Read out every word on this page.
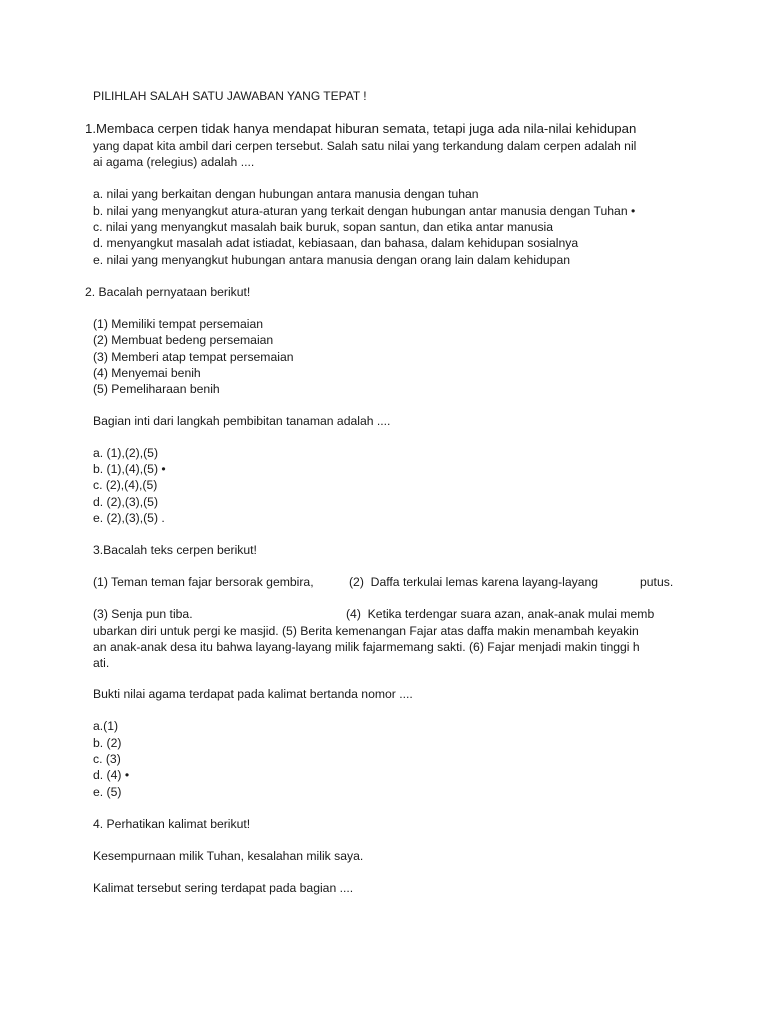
PILIHLAH SALAH SATU JAWABAN YANG TEPAT !
1.Membaca cerpen tidak hanya mendapat hiburan semata, tetapi juga ada nila-nilai kehidupan
yang dapat kita ambil dari cerpen tersebut. Salah satu nilai yang terkandung dalam cerpen adalah nil
ai agama (relegius) adalah ....
a. nilai yang berkaitan dengan hubungan antara manusia dengan tuhan
b. nilai yang menyangkut atura-aturan yang terkait dengan hubungan antar manusia dengan Tuhan •
c. nilai yang menyangkut masalah baik buruk, sopan santun, dan etika antar manusia
d. menyangkut masalah adat istiadat, kebiasaan, dan bahasa, dalam kehidupan sosialnya
e. nilai yang menyangkut hubungan antara manusia dengan orang lain dalam kehidupan
2. Bacalah pernyataan berikut!
(1) Memiliki tempat persemaian
(2) Membuat bedeng persemaian
(3) Memberi atap tempat persemaian
(4) Menyemai benih
(5) Pemeliharaan benih
Bagian inti dari langkah pembibitan tanaman adalah ....
a. (1),(2),(5)
b. (1),(4),(5) •
c. (2),(4),(5)
d. (2),(3),(5)
e. (2),(3),(5) .
3.Bacalah teks cerpen berikut!
(1) Teman teman fajar bersorak gembira,	(2)  Daffa terkulai lemas karena layang-layang	putus.
(3) Senja pun tiba.	(4)  Ketika terdengar suara azan, anak-anak mulai memb
ubarkan diri untuk pergi ke masjid. (5) Berita kemenangan Fajar atas daffa makin menambah keyakin
an anak-anak desa itu bahwa layang-layang milik fajarmemang sakti. (6) Fajar menjadi makin tinggi h
ati.
Bukti nilai agama terdapat pada kalimat bertanda nomor ....
a.(1)
b. (2)
c. (3)
d. (4) •
e. (5)
4. Perhatikan kalimat berikut!
Kesempurnaan milik Tuhan, kesalahan milik saya.
Kalimat tersebut sering terdapat pada bagian ....
